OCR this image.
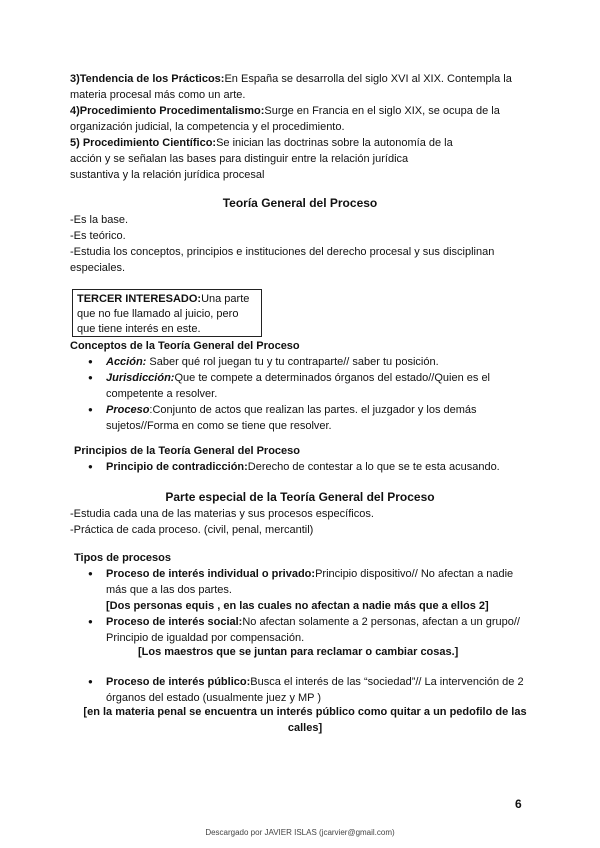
3)Tendencia de los Prácticos:En España se desarrolla del siglo XVI al XIX. Contempla la materia procesal más como un arte.

4)Procedimiento Procedimentalismo:Surge en Francia en el siglo XIX, se ocupa de la organización judicial, la competencia y el procedimiento.

5) Procedimiento Científico:Se inician las doctrinas sobre la autonomía de la

acción y se señalan las bases para distinguir entre la relación jurídica

sustantiva y la relación jurídica procesal

Teoría General del Proceso

-Es la base.

-Es teórico.

-Estudia los conceptos, principios e instituciones del derecho procesal y sus disciplinan especiales.

TERCER INTERESADO:Una parte que no fue llamado al juicio, pero que tiene interés en este.

Conceptos de la Teoría General del Proceso

● Acción: Saber qué rol juegan tu y tu contraparte// saber tu posición.
● Jurisdicción:Que te compete a determinados órganos del estado//Quien es el competente a resolver.
● Proceso:Conjunto de actos que realizan las partes. el juzgador y los demás sujetos//Forma en como se tiene que resolver.

Principios de la Teoría General del Proceso

● Principio de contradicción:Derecho de contestar a lo que se te esta acusando.
Parte especial de la Teoría General del Proceso

-Estudia cada una de las materias y sus procesos específicos.

-Práctica de cada proceso. (civil, penal, mercantil)

Tipos de procesos

● Proceso de interés individual o privado:Principio dispositivo// No afectan a nadie más que a las dos partes.
[Dos personas equis , en las cuales no afectan a nadie más que a ellos 2]
● Proceso de interés social:No afectan solamente a 2 personas, afectan a un grupo// Principio de igualdad por compensación.
[Los maestros que se juntan para reclamar o cambiar cosas.]
● Proceso de interés público:Busca el interés de las “sociedad”// La intervención de 2 órganos del estado (usualmente juez y MP )
[en la materia penal se encuentra un interés público como quitar a un pedofilo de las
calles]
6
Descargado por JAVIER ISLAS (jcarvier@gmail.com)
